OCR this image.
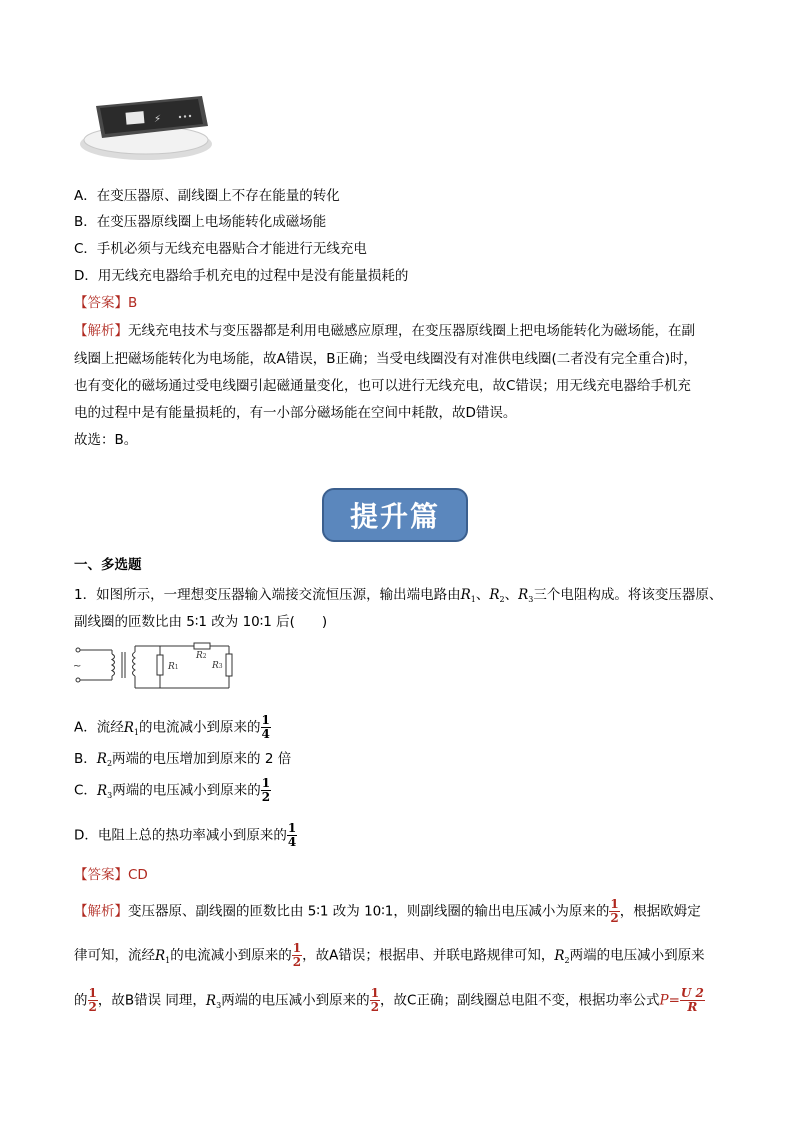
⚡
A．在变压器原、副线圈上不存在能量的转化
B．在变压器原线圈上电场能转化成磁场能
C．手机必须与无线充电器贴合才能进行无线充电
D．用无线充电器给手机充电的过程中是没有能量损耗的
【答案】B
【解析】无线充电技术与变压器都是利用电磁感应原理，在变压器原线圈上把电场能转化为磁场能，在副
线圈上把磁场能转化为电场能，故A错误，B正确；当受电线圈没有对准供电线圈(二者没有完全重合)时，
也有变化的磁场通过受电线圈引起磁通量变化，也可以进行无线充电，故C错误；用无线充电器给手机充
电的过程中是有能量损耗的，有一小部分磁场能在空间中耗散，故D错误。
故选：B。
提升篇
一、多选题
1．如图所示，一理想变压器输入端接交流恒压源，输出端电路由$R_1$、$R_2$、$R_3$三个电阻构成。将该变压器原、
副线圈的匝数比由 5∶1 改为 10∶1 后(　　)
~	R1
R2
R3
A．流经$R_1$的电流减小到原来的 $\frac{1}{4}$
B．$R_2$两端的电压增加到原来的 2 倍
C．$R_3$两端的电压减小到原来的 $\frac{1}{2}$
D．电阻上总的热功率减小到原来的 $\frac{1}{4}$
【答案】CD
【解析】变压器原、副线圈的匝数比由 5∶1 改为 10∶1，则副线圈的输出电压减小为原来的 $\frac{1}{2}$ ，根据欧姆定
律可知，流经$R_1$的电流减小到原来的 $\frac{1}{2}$ ，故A错误；根据串、并联电路规律可知，$R_2$两端的电压减小到原来
的 $\frac{1}{2}$ ，故B错误 同理，$R_3$两端的电压减小到原来的 $\frac{1}{2}$ ，故C正确；副线圈总电阻不变，根据功率公式$P= \frac{U 2}{R}$
